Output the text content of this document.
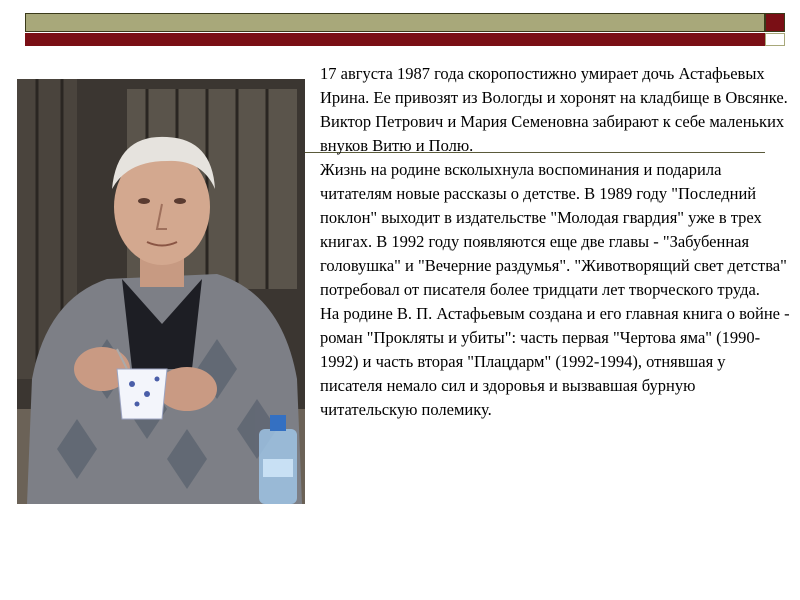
17 августа 1987 года скоропостижно умирает дочь Астафьевых Ирина. Ее привозят из Вологды и хоронят на кладбище в Овсянке. Виктор Петрович и Мария Семеновна забирают к себе маленьких внуков Витю и Полю.

Жизнь на родине всколыхнула воспоминания и подарила читателям новые рассказы о детстве. В 1989 году "Последний поклон" выходит в издательстве "Молодая гвардия" уже в трех книгах. В 1992 году появляются еще две главы - "Забубенная головушка" и "Вечерние раздумья". "Животворящий свет детства" потребовал от писателя более тридцати лет творческого труда.

На родине В. П. Астафьевым создана и его главная книга о войне - роман "Прокляты и убиты": часть первая "Чертова яма" (1990-1992) и часть вторая "Плацдарм" (1992-1994), отнявшая у писателя немало сил и здоровья и вызвавшая бурную читательскую полемику.
